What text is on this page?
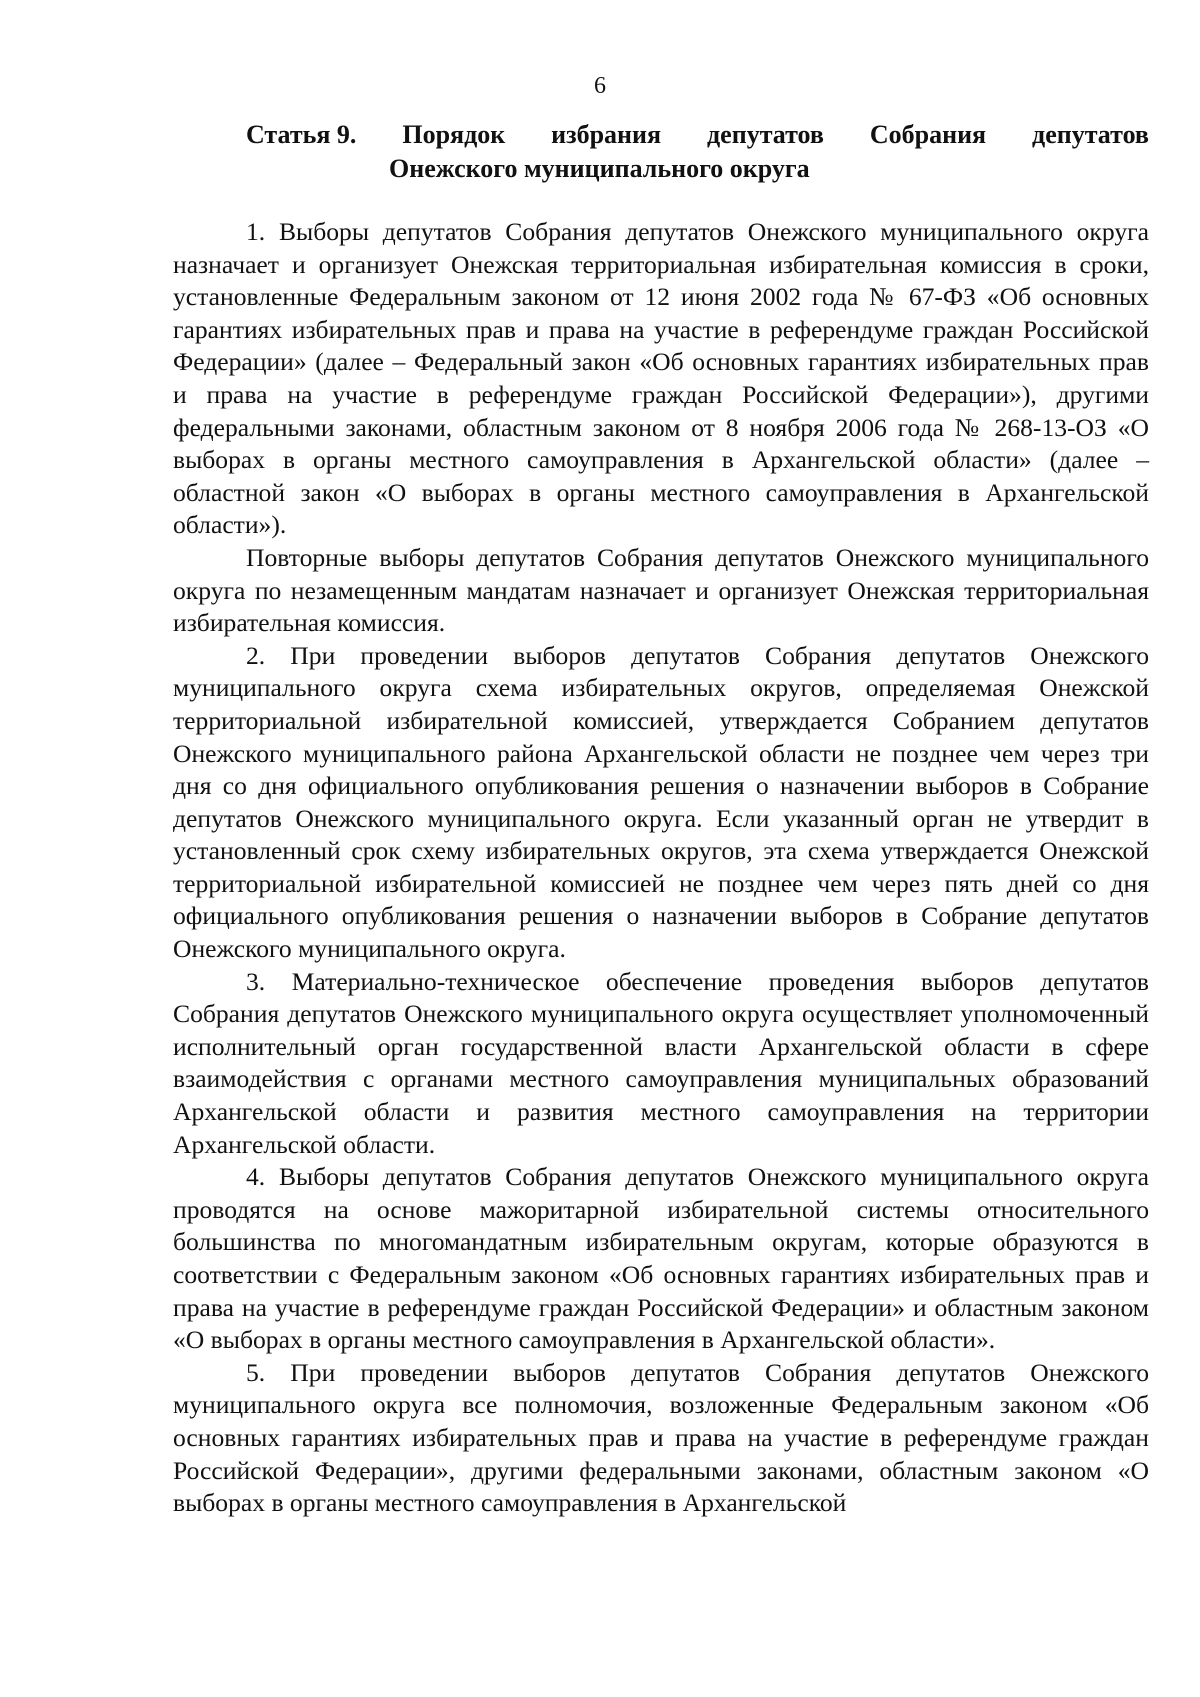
6
Статья 9. Порядок избрания депутатов Собрания депутатов
Онежского муниципального округа

1. Выборы депутатов Собрания депутатов Онежского муниципального округа назначает и организует Онежская территориальная избирательная комиссия в сроки, установленные Федеральным законом от 12 июня 2002 года № 67-ФЗ «Об основных гарантиях избирательных прав и права на участие в референдуме граждан Российской Федерации» (далее – Федеральный закон «Об основных гарантиях избирательных прав и права на участие в референдуме граждан Российской Федерации»), другими федеральными законами, областным законом от 8 ноября 2006 года № 268-13-ОЗ «О выборах в органы местного самоуправления в Архангельской области» (далее – областной закон «О выборах в органы местного самоуправления в Архангельской области»).

Повторные выборы депутатов Собрания депутатов Онежского муниципального округа по незамещенным мандатам назначает и организует Онежская территориальная избирательная комиссия.

2. При проведении выборов депутатов Собрания депутатов Онежского муниципального округа схема избирательных округов, определяемая Онежской территориальной избирательной комиссией, утверждается Собранием депутатов Онежского муниципального района Архангельской области не позднее чем через три дня со дня официального опубликования решения о назначении выборов в Собрание депутатов Онежского муниципального округа. Если указанный орган не утвердит в установленный срок схему избирательных округов, эта схема утверждается Онежской территориальной избирательной комиссией не позднее чем через пять дней со дня официального опубликования решения о назначении выборов в Собрание депутатов Онежского муниципального округа.

3. Материально-техническое обеспечение проведения выборов депутатов Собрания депутатов Онежского муниципального округа осуществляет уполномоченный исполнительный орган государственной власти Архангельской области в сфере взаимодействия с органами местного самоуправления муниципальных образований Архангельской области и развития местного самоуправления на территории Архангельской области.

4. Выборы депутатов Собрания депутатов Онежского муниципального округа проводятся на основе мажоритарной избирательной системы относительного большинства по многомандатным избирательным округам, которые образуются в соответствии с Федеральным законом «Об основных гарантиях избирательных прав и права на участие в референдуме граждан Российской Федерации» и областным законом «О выборах в органы местного самоуправления в Архангельской области».

5. При проведении выборов депутатов Собрания депутатов Онежского муниципального округа все полномочия, возложенные Федеральным законом «Об основных гарантиях избирательных прав и права на участие в референдуме граждан Российской Федерации», другими федеральными законами, областным законом «О выборах в органы местного самоуправления в Архангельской
